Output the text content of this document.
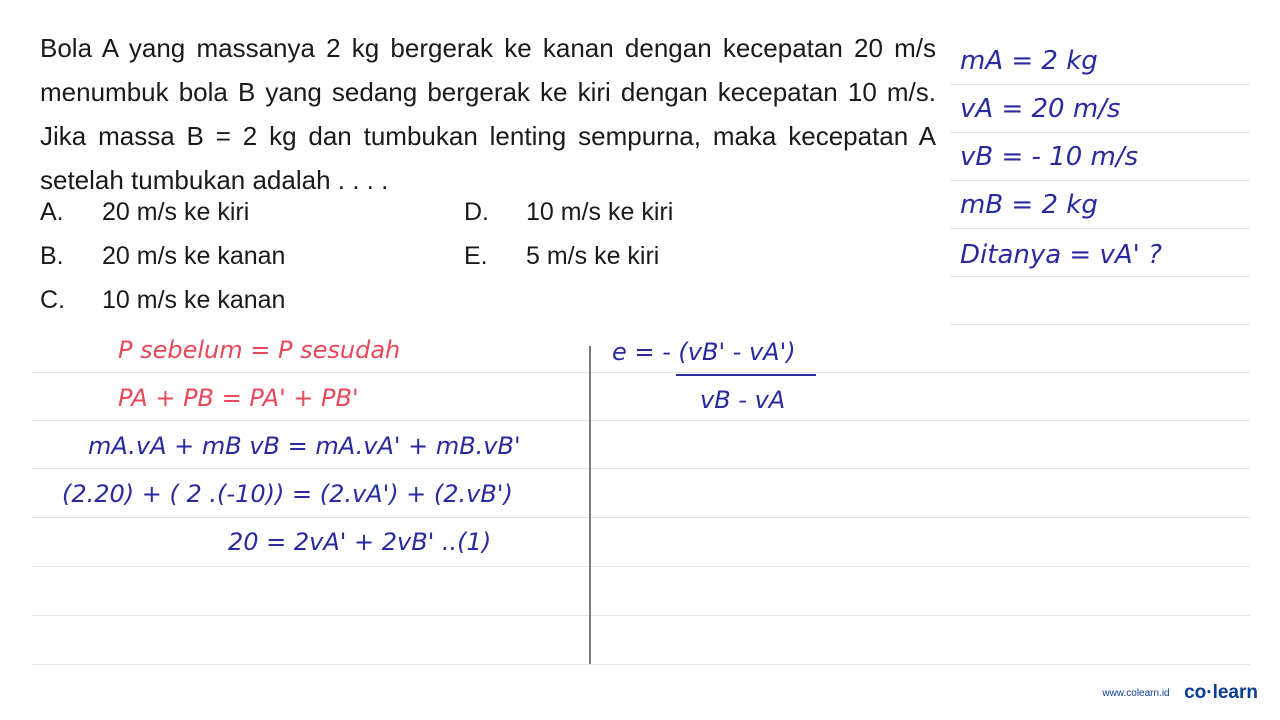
Bola A yang massanya 2 kg bergerak ke kanan dengan kecepatan 20 m/s menumbuk bola B yang sedang bergerak ke kiri dengan kecepatan 10 m/s. Jika massa B = 2 kg dan tumbukan lenting sempurna, maka kecepatan A setelah tumbukan adalah . . . .
A. 20 m/s ke kiri
B. 20 m/s ke kanan
C. 10 m/s ke kanan
D. 10 m/s ke kiri
E. 5 m/s ke kiri
mA = 2 kg
vA = 20 m/s
vB = - 10 m/s
mB = 2 kg
Ditanya = vA' ?
P sebelum = P sesudah
PA + PB = PA' + PB'
mA.vA + mB vB = mA.vA' + mB.vB'
(2.20) + ( 2 .(-10)) = (2.vA') + (2.vB')
20 = 2vA' + 2vB' ..(1)
e = - (vB' - vA')
vB - vA
www.colearn.id co·learn
